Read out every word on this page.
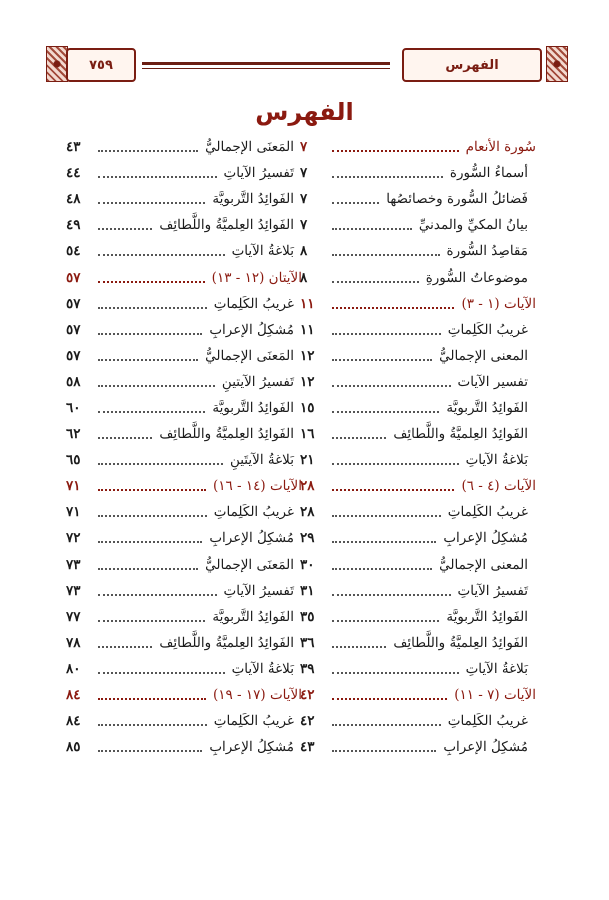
٧٥٩	الفهرس
الفهرس
سُورة الأنعام
٧
أسماءُ السُّورة
٧
فَضائلُ السُّورة وخصائصُها
٧
بيانُ المكيِّ والمدنيِّ
٧
مَقاصِدُ السُّورة
٨
موضوعاتُ السُّورةِ
٨
الآيات (١ - ٣)
١١
غريبُ الكَلِماتِ
١١
المعنى الإجماليُّ
١٢
تفسير الآيات
١٢
الفَوائِدُ التَّربويَّة
١٥
الفَوائِدُ العِلميَّةُ واللَّطائِف
١٦
بَلاغةُ الآياتِ
٢١
الآيات (٤ - ٦)
٢٨
غريبُ الكَلِماتِ
٢٨
مُشكِلُ الإعرابِ
٢٩
المعنى الإجماليُّ
٣٠
تَفسيرُ الآياتِ
٣١
الفَوائِدُ التَّربويَّة
٣٥
الفَوائِدُ العِلميَّةُ واللَّطائِف
٣٦
بَلاغةُ الآياتِ
٣٩
الآيات (٧ - ١١)
٤٢
غريبُ الكَلِماتِ
٤٢
مُشكِلُ الإعرابِ
٤٣
المَعنَى الإجماليُّ
٤٣
تَفسيرُ الآياتِ
٤٤
الفَوائِدُ التَّربويَّة
٤٨
الفَوائِدُ العِلميَّةُ واللَّطائِف
٤٩
بَلاغةُ الآياتِ
٥٤
الآيتان (١٢ - ١٣)
٥٧
غريبُ الكَلِماتِ
٥٧
مُشكِلُ الإعرابِ
٥٧
المَعنَى الإجماليُّ
٥٧
تَفسيرُ الآيتينِ
٥٨
الفَوائِدُ التَّربويَّة
٦٠
الفَوائِدُ العِلميَّةُ واللَّطائِف
٦٢
بَلاغةُ الآيتَينِ
٦٥
الآيات (١٤ - ١٦)
٧١
غريبُ الكَلِماتِ
٧١
مُشكِلُ الإعرابِ
٧٢
المَعنَى الإجماليُّ
٧٣
تَفسيرُ الآياتِ
٧٣
الفَوائِدُ التَّربويَّة
٧٧
الفَوائِدُ العِلميَّةُ واللَّطائِف
٧٨
بَلاغةُ الآياتِ
٨٠
الآيات (١٧ - ١٩)
٨٤
غريبُ الكَلِماتِ
٨٤
مُشكِلُ الإعرابِ
٨٥
